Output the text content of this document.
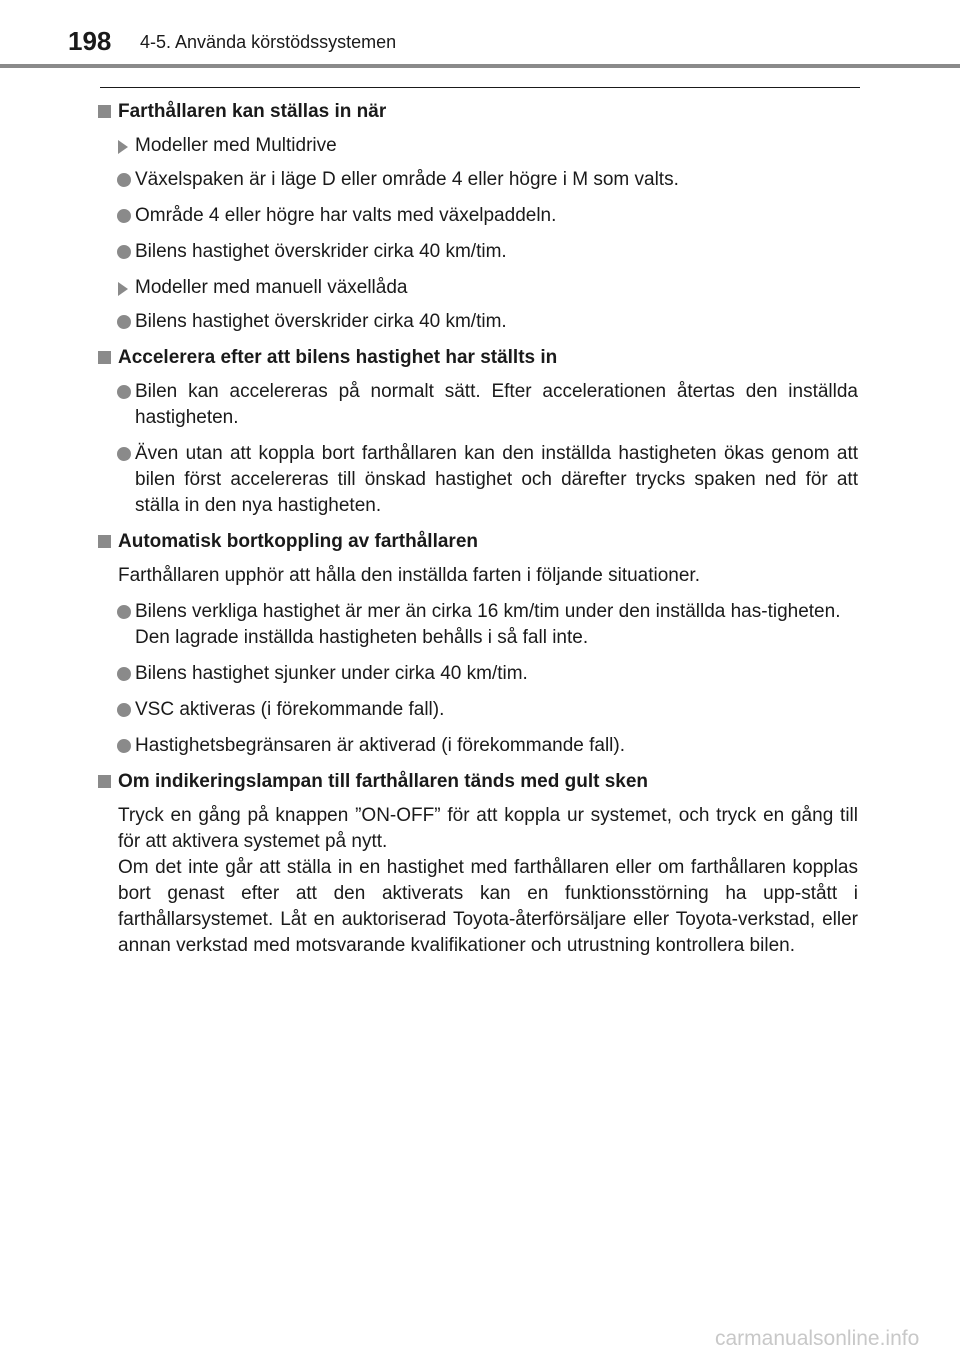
198 4-5. Använda körstödssystemen
Farthållaren kan ställas in när
Modeller med Multidrive
Växelspaken är i läge D eller område 4 eller högre i M som valts.
Område 4 eller högre har valts med växelpaddeln.
Bilens hastighet överskrider cirka 40 km/tim.
Modeller med manuell växellåda
Bilens hastighet överskrider cirka 40 km/tim.
Accelerera efter att bilens hastighet har ställts in
Bilen kan accelereras på normalt sätt. Efter accelerationen återtas den inställda hastigheten.
Även utan att koppla bort farthållaren kan den inställda hastigheten ökas genom att bilen först accelereras till önskad hastighet och därefter trycks spaken ned för att ställa in den nya hastigheten.
Automatisk bortkoppling av farthållaren
Farthållaren upphör att hålla den inställda farten i följande situationer.
Bilens verkliga hastighet är mer än cirka 16 km/tim under den inställda has-tigheten.
Den lagrade inställda hastigheten behålls i så fall inte.
Bilens hastighet sjunker under cirka 40 km/tim.
VSC aktiveras (i förekommande fall).
Hastighetsbegränsaren är aktiverad (i förekommande fall).
Om indikeringslampan till farthållaren tänds med gult sken
Tryck en gång på knappen ”ON-OFF” för att koppla ur systemet, och tryck en gång till för att aktivera systemet på nytt.
Om det inte går att ställa in en hastighet med farthållaren eller om farthållaren kopplas bort genast efter att den aktiverats kan en funktionsstörning ha upp-stått i farthållarsystemet. Låt en auktoriserad Toyota-återförsäljare eller Toyota-verkstad, eller annan verkstad med motsvarande kvalifikationer och utrustning kontrollera bilen.
carmanualsonline.info
